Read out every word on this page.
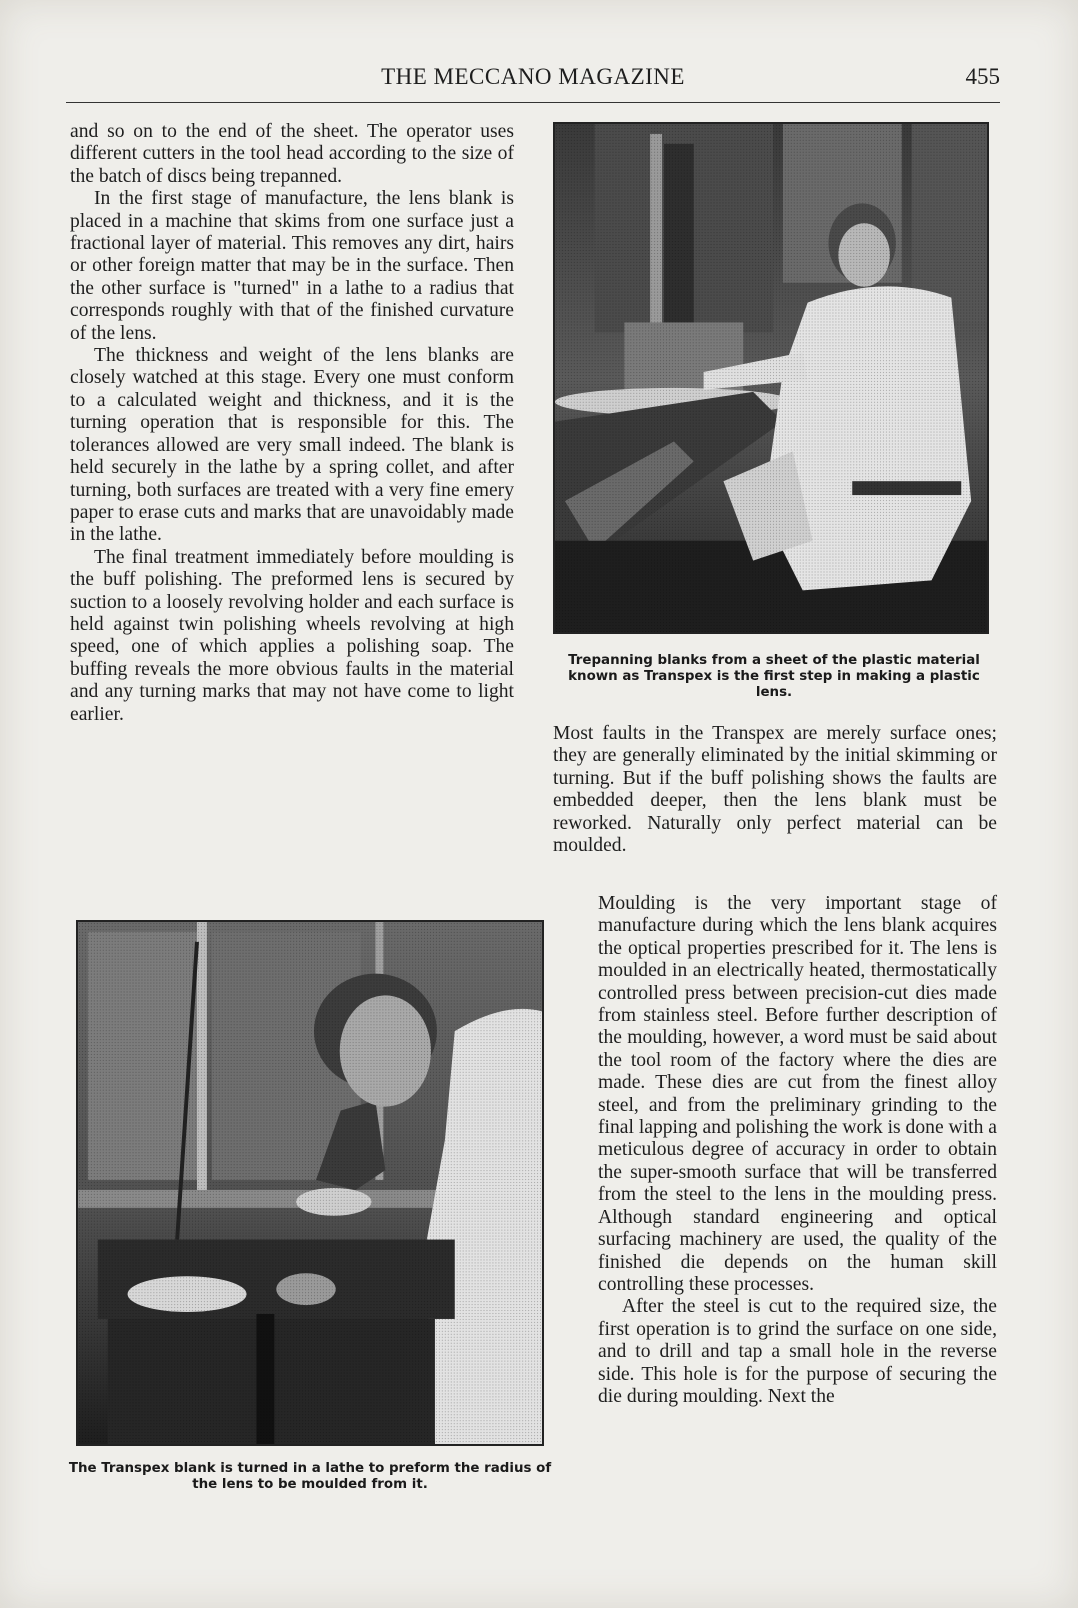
THE MECCANO MAGAZINE	455

and so on to the end of the sheet. The operator uses different cutters in the tool head according to the size of the batch of discs being trepanned.

In the first stage of manufacture, the lens blank is placed in a machine that skims from one surface just a fractional layer of material. This removes any dirt, hairs or other foreign matter that may be in the surface. Then the other surface is "turned" in a lathe to a radius that corresponds roughly with that of the finished curvature of the lens.

The thickness and weight of the lens blanks are closely watched at this stage. Every one must conform to a calculated weight and thickness, and it is the turning operation that is responsible for this. The tolerances allowed are very small indeed. The blank is held securely in the lathe by a spring collet, and after turning, both surfaces are treated with a very fine emery paper to erase cuts and marks that are unavoidably made in the lathe.

The final treatment immediately before moulding is the buff polishing. The preformed lens is secured by suction to a loosely revolving holder and each surface is held against twin polishing wheels revolving at high speed, one of which applies a polishing soap. The buffing reveals the more obvious faults in the material and any turning marks that may not have come to light earlier.

Trepanning blanks from a sheet of the plastic material known as Transpex is the first step in making a plastic lens.

Most faults in the Transpex are merely surface ones; they are generally eliminated by the initial skimming or turning. But if the buff polishing shows the faults are embedded deeper, then the lens blank must be reworked. Naturally only perfect material can be moulded.

Moulding is the very important stage of manufacture during which the lens blank acquires the optical properties prescribed for it. The lens is moulded in an electrically heated, thermostatically controlled press between precision-cut dies made from stainless steel. Before further description of the moulding, however, a word must be said about the tool room of the factory where the dies are made. These dies are cut from the finest alloy steel, and from the preliminary grinding to the final lapping and polishing the work is done with a meticulous degree of accuracy in order to obtain the super-smooth surface that will be transferred from the steel to the lens in the moulding press. Although standard engineering and optical surfacing machinery are used, the quality of the finished die depends on the human skill controlling these processes.

After the steel is cut to the required size, the first operation is to grind the surface on one side, and to drill and tap a small hole in the reverse side. This hole is for the purpose of securing the die during moulding. Next the

The Transpex blank is turned in a lathe to preform the radius of the lens to be moulded from it.
